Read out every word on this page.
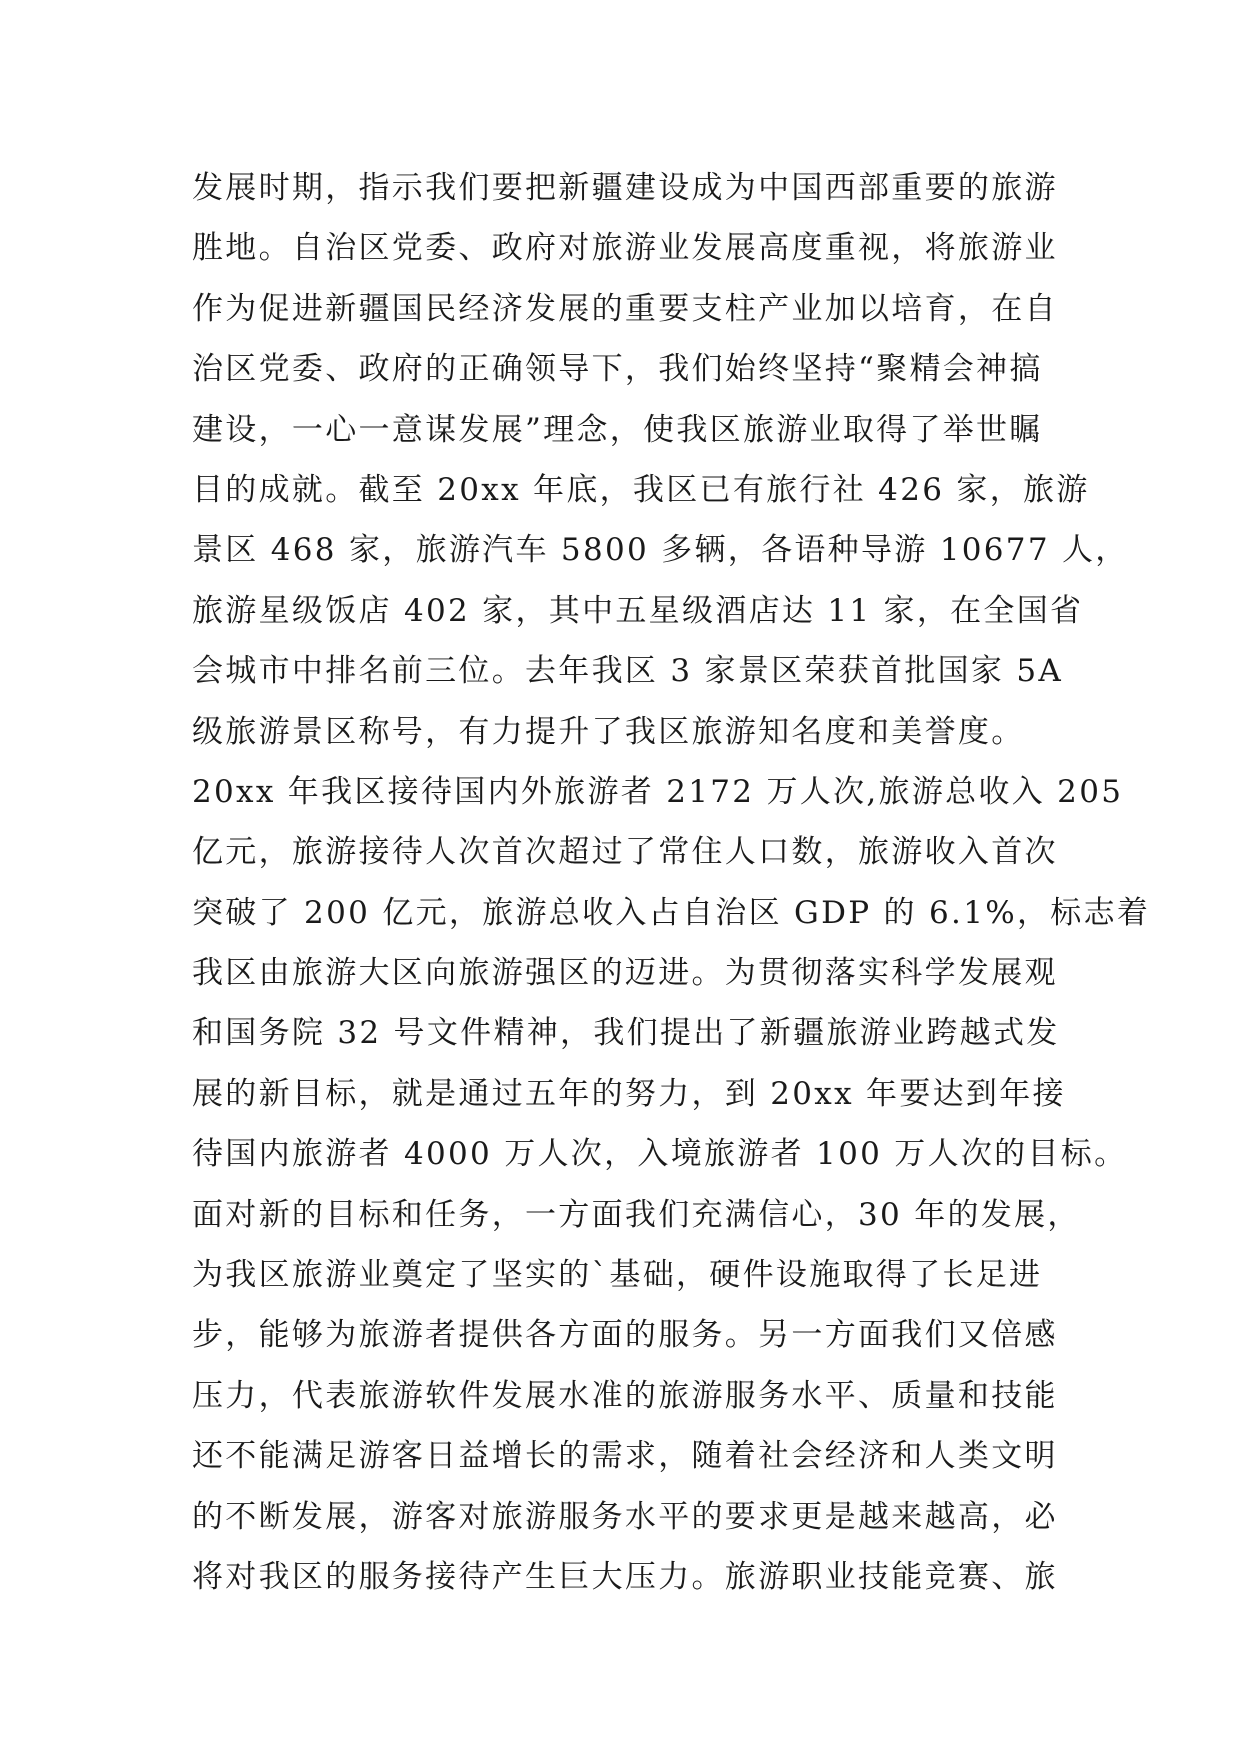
发展时期，指示我们要把新疆建设成为中国西部重要的旅游
胜地。自治区党委、政府对旅游业发展高度重视，将旅游业
作为促进新疆国民经济发展的重要支柱产业加以培育，在自
治区党委、政府的正确领导下，我们始终坚持“聚精会神搞
建设，一心一意谋发展”理念，使我区旅游业取得了举世瞩
目的成就。截至 20xx 年底，我区已有旅行社 426 家，旅游
景区 468 家，旅游汽车 5800 多辆，各语种导游 10677 人，
旅游星级饭店 402 家，其中五星级酒店达 11 家，在全国省
会城市中排名前三位。去年我区 3 家景区荣获首批国家 5A
级旅游景区称号，有力提升了我区旅游知名度和美誉度。
20xx 年我区接待国内外旅游者 2172 万人次,旅游总收入 205
亿元，旅游接待人次首次超过了常住人口数，旅游收入首次
突破了 200 亿元，旅游总收入占自治区 GDP 的 6.1%，标志着
我区由旅游大区向旅游强区的迈进。为贯彻落实科学发展观
和国务院 32 号文件精神，我们提出了新疆旅游业跨越式发
展的新目标，就是通过五年的努力，到 20xx 年要达到年接
待国内旅游者 4000 万人次，入境旅游者 100 万人次的目标。
面对新的目标和任务，一方面我们充满信心，30 年的发展，
为我区旅游业奠定了坚实的`基础，硬件设施取得了长足进
步，能够为旅游者提供各方面的服务。另一方面我们又倍感
压力，代表旅游软件发展水准的旅游服务水平、质量和技能
还不能满足游客日益增长的需求，随着社会经济和人类文明
的不断发展，游客对旅游服务水平的要求更是越来越高，必
将对我区的服务接待产生巨大压力。旅游职业技能竞赛、旅
